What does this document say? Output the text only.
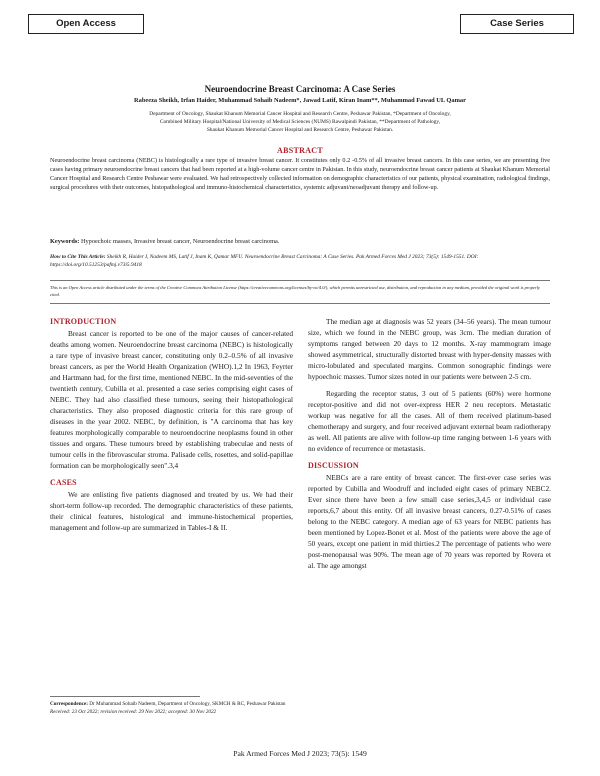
Open Access	Case Series
Neuroendocrine Breast Carcinoma: A Case Series
Rabeeza Sheikh, Irfan Haider, Muhammad Sohaib Nadeem*, Jawad Latif, Kiran Inam**, Muhammad Fawad UL Qamar
Department of Oncology, Shaukat Khanum Memorial Cancer Hospital and Research Centre, Peshawar Pakistan, *Department of Oncology,
Combined Military Hospital/National University of Medical Sciences (NUMS) Rawalpindi Pakistan, **Department of Pathology,
Shaukat Khanum Memorial Cancer Hospital and Research Centre, Peshawar Pakistan.
ABSTRACT
Neuroendocrine breast carcinoma (NEBC) is histologically a rare type of invasive breast cancer. It constitutes only 0.2 -0.5% of all invasive breast cancers. In this case series, we are presenting five cases having primary neuroendocrine breast cancers that had been reported at a high-volume cancer centre in Pakistan. In this study, neuroendocrine breast cancer patients at Shaukat Khanum Memorial Cancer Hospital and Research Centre Peshawar were evaluated. We had retrospectively collected information on demographic characteristics of our patients, physical examination, radiological findings, surgical procedures with their outcomes, histopathological and immuno-histochemical characteristics, systemic adjuvant/neoadjuvant therapy and follow-up.
Keywords: Hypoechoic masses, Invasive breast cancer, Neuroendocrine breast carcinoma.
How to Cite This Article: Sheikh R, Haider I, Nadeem MS, Latif J, Inam K, Qamar MFU. Neuroendocrine Breast Carcinoma: A Case Series. Pak Armed Forces Med J 2023; 73(5): 1549-1551. DOI: https://doi.org/10.51253/pafmj.v73i5.9418
This is an Open Access article distributed under the terms of the Creative Commons Attribution License (https://creativecommons.org/licenses/by-nc/4.0/), which permits unrestricted use, distribution, and reproduction in any medium, provided the original work is properly cited.
INTRODUCTION

Breast cancer is reported to be one of the major causes of cancer-related deaths among women. Neuroendocrine breast carcinoma (NEBC) is histologically a rare type of invasive breast cancer, constituting only 0.2–0.5% of all invasive breast cancers, as per the World Health Organization (WHO).1,2 In 1963, Feyrter and Hartmann had, for the first time, mentioned NEBC. In the mid-seventies of the twentieth century, Cubilla et al. presented a case series comprising eight cases of NEBC. They had also classified these tumours, seeing their histopathological characteristics. They also proposed diagnostic criteria for this rare group of diseases in the year 2002. NEBC, by definition, is "A carcinoma that has key features morphologically comparable to neuroendocrine neoplasms found in other tissues and organs. These tumours breed by establishing trabeculae and nests of tumour cells in the fibrovascular stroma. Palisade cells, rosettes, and solid-papillae formation can be morphologically seen".3,4

CASES

We are enlisting five patients diagnosed and treated by us. We had their short-term follow-up recorded. The demographic characteristics of these patients, their clinical features, histological and immune-histochemical properties, management and follow-up are summarized in Tables-I & II.

The median age at diagnosis was 52 years (34–56 years). The mean tumour size, which we found in the NEBC group, was 3cm. The median duration of symptoms ranged between 20 days to 12 months. X-ray mammogram image showed asymmetrical, structurally distorted breast with hyper-density masses with micro-lobulated and speculated margins. Common sonographic findings were hypoechoic masses. Tumor sizes noted in our patients were between 2-5 cm.

Regarding the receptor status, 3 out of 5 patients (60%) were hormone receptor-positive and did not over-express HER 2 neu receptors. Metastatic workup was negative for all the cases. All of them received platinum-based chemotherapy and surgery, and four received adjuvant external beam radiotherapy as well. All patients are alive with follow-up time ranging between 1-6 years with no evidence of recurrence or metastasis.

DISCUSSION

NEBCs are a rare entity of breast cancer. The first-ever case series was reported by Cubilla and Woodruff and included eight cases of primary NEBC2. Ever since there have been a few small case series,3,4,5 or individual case reports,6,7 about this entity. Of all invasive breast cancers, 0.27-0.51% of cases belong to the NEBC category. A median age of 63 years for NEBC patients has been mentioned by Lopez-Bonet et al. Most of the patients were above the age of 50 years, except one patient in mid thirties.2 The percentage of patients who were post-menopausal was 90%. The mean age of 70 years was reported by Rovera et al. The age amongst

Correspondence: Dr Muhammad Sohaib Nadeem, Department of Oncology, SKMCH & RC, Peshawar Pakistan
Received: 23 Oct 2022; revision received: 29 Nov 2022; accepted: 30 Nov 2022
Pak Armed Forces Med J 2023; 73(5): 1549
